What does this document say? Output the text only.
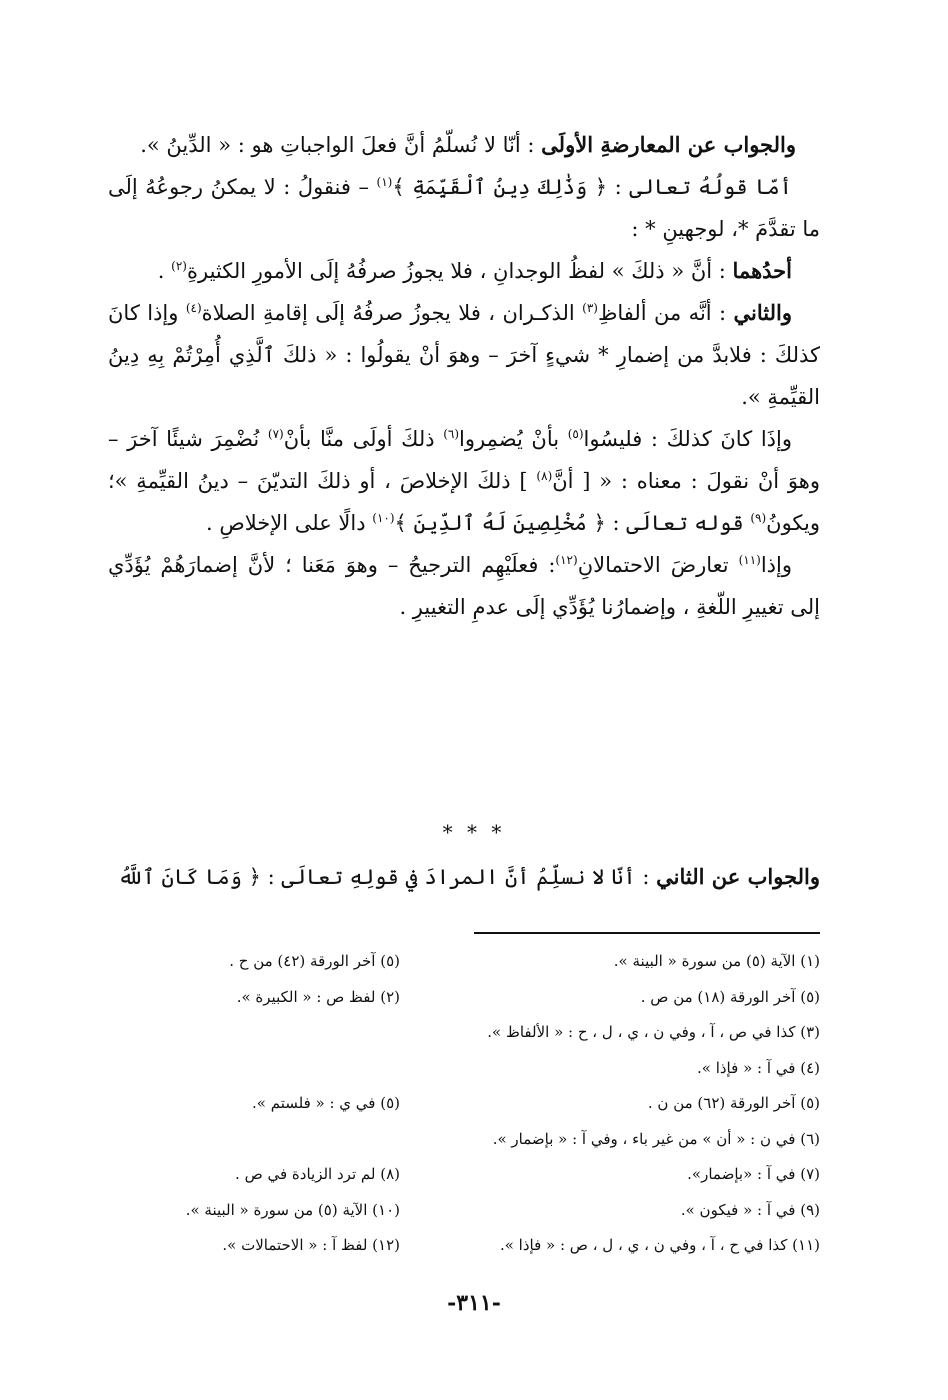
والجواب عن المعارضةِ الأولَى : أنّا لا نُسلّمُ أنَّ فعلَ الواجباتِ هو : « الدِّينُ ».

أمّا قولُهُ تعالى : ﴿ وَذَٰلِكَ دِينُ ٱلْقَيِّمَةِ ﴾$^{(١)}$ – فنقولُ : لا يمكنُ رجوعُهُ إلَى ما تقدَّمَ *، لوجهينِ * :

أحدُهما : أنَّ « ذلكَ » لفظُ الوجدانِ ، فلا يجوزُ صرفُهُ إلَى الأمورِ الكثيرةِ$^{(٢)}$ .

والثاني : أنَّه من ألفاظِ$^{(٣)}$ الذكـران ، فلا يجوزُ صرفُهُ إلَى إقامةِ الصلاة$^{(٤)}$ وإذا كانَ كذلكَ : فلابدَّ من إضمارِ * شيءٍ آخرَ – وهوَ أنْ يقولُوا : « ذلكَ ٱلَّذِي أُمِرْتُمْ بِهِ دِينُ القيِّمةِ ».

وإذَا كانَ كذلكَ : فليسُوا$^{(٥)}$ بأنْ يُضمِروا$^{(٦)}$ ذلكَ أولَى منَّا بأنْ$^{(٧)}$ نُضْمِرَ شيئًا آخرَ – وهوَ أنْ نقولَ : معناه : « [ أنَّ$^{(٨)}$ ] ذلكَ الإخلاصَ ، أو ذلكَ التديّنَ – دينُ القيِّمةِ »؛ ويكونُ$^{(٩)}$ قوله تعالَى : ﴿ مُخْلِصِينَ لَهُ ٱلدِّينَ ﴾$^{(١٠)}$ دالًا على الإخلاصِ .

وإذا$^{(١١)}$ تعارضَ الاحتمالانِ$^{(١٢)}$: فعلَيْهِم الترجيحُ – وهوَ مَعَنا ؛ لأنَّ إضمارَهُمْ يُؤَدِّي إلى تغييرِ اللّغةِ ، وإضمارُنا يُؤَدِّي إلَى عدمِ التغييرِ .

* * *
والجواب عن الثاني : أنّا لا نسلِّمُ أنَّ المرادَ في قولِهِ تعالَى : ﴿ وَمَا كَانَ ٱللَّهُ
(١) الآية (٥) من سورة « البينة ».
(٥) آخر الورقة (٤٢) من ح .
(٥) آخر الورقة (١٨) من ص .
(٢) لفظ ص : « الكبيرة ».
(٣) كذا في ص ، آ ، وفي ن ، ي ، ل ، ح : « الألفاظ ».
(٤) في آ : « فإذا ».
(٥) آخر الورقة (٦٢) من ن .
(٥) في ي : « فلستم ».
(٦) في ن : « أن » من غير باء ، وفي آ : « بإضمار ».
(٧) في آ : «بإضمار».
(٨) لم ترد الزيادة في ص .
(٩) في آ : « فيكون ».
(١٠) الآية (٥) من سورة « البينة ».
(١١) كذا في ح ، آ ، وفي ن ، ي ، ل ، ص : « فإذا ».
(١٢) لفظ آ : « الاحتمالات ».
-٣١١-
